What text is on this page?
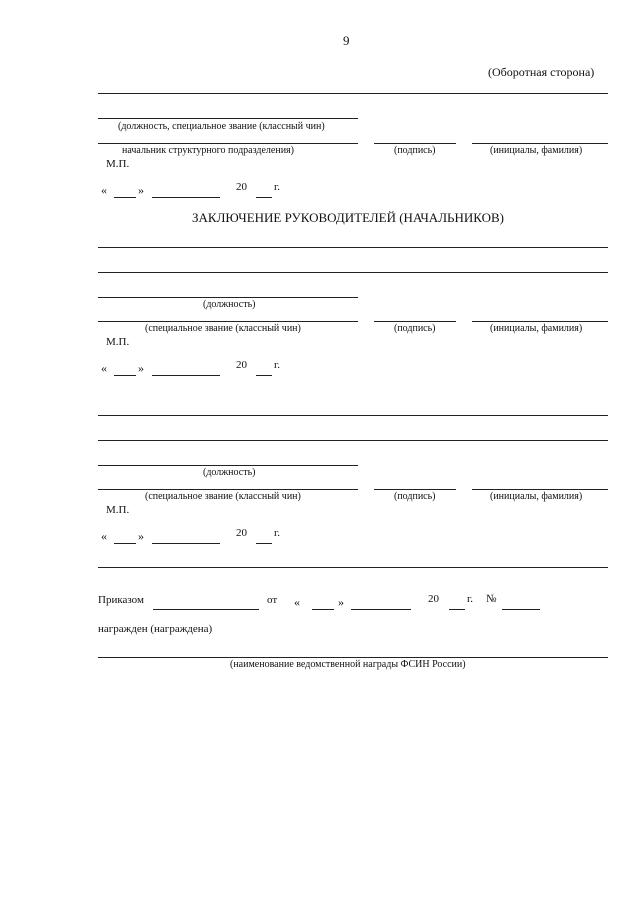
9
(Оборотная сторона)
(должность, специальное звание (классный чин)
начальник структурного подразделения)	(подпись)	(инициалы, фамилия)
М.П.
«	»	20 г.
ЗАКЛЮЧЕНИЕ РУКОВОДИТЕЛЕЙ (НАЧАЛЬНИКОВ)
(должность)
(специальное звание (классный чин)	(подпись)	(инициалы, фамилия)
М.П.
«	»	20 г.
(должность)
(специальное звание (классный чин)	(подпись)	(инициалы, фамилия)
М.П.
«	»	20 г.
Приказом	от «	»	20	г. №
награжден (награждена)
(наименование ведомственной награды ФСИН России)
